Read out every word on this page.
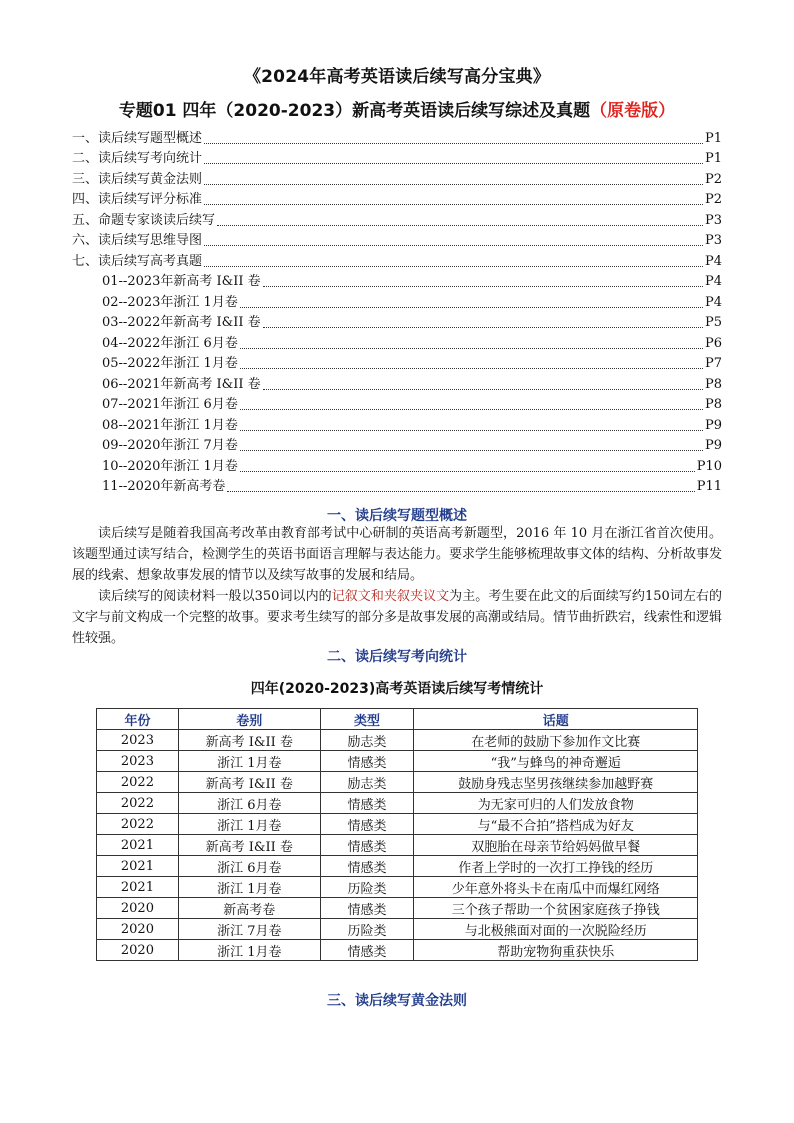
《2024年高考英语读后续写高分宝典》
专题01 四年（2020-2023）新高考英语读后续写综述及真题（原卷版）
一、读后续写题型概述	P1
二、读后续写考向统计	P1
三、读后续写黄金法则	P2
四、读后续写评分标准	P2
五、命题专家谈读后续写	P3
六、读后续写思维导图	P3
七、读后续写高考真题	P4
01--2023年新高考 I&II 卷	P4
02--2023年浙江 1月卷	P4
03--2022年新高考 I&II 卷	P5
04--2022年浙江 6月卷	P6
05--2022年浙江 1月卷	P7
06--2021年新高考 I&II 卷	P8
07--2021年浙江 6月卷	P8
08--2021年浙江 1月卷	P9
09--2020年浙江 7月卷	P9
10--2020年浙江 1月卷	P10
11--2020年新高考卷	P11
一、读后续写题型概述

读后续写是随着我国高考改革由教育部考试中心研制的英语高考新题型，2016 年 10 月在浙江省首次使用。该题型通过读写结合，检测学生的英语书面语言理解与表达能力。要求学生能够梳理故事文体的结构、分析故事发展的线索、想象故事发展的情节以及续写故事的发展和结局。

读后续写的阅读材料一般以350词以内的记叙文和夹叙夹议文为主。考生要在此文的后面续写约150词左右的文字与前文构成一个完整的故事。要求考生续写的部分多是故事发展的高潮或结局。情节曲折跌宕，线索性和逻辑性较强。

二、读后续写考向统计
四年(2020-2023)高考英语读后续写考情统计
年份	卷别	类型	话题
2023	新高考 I&II 卷	励志类	在老师的鼓励下参加作文比赛
2023	浙江 1月卷	情感类	“我”与蜂鸟的神奇邂逅
2022	新高考 I&II 卷	励志类	鼓励身残志坚男孩继续参加越野赛
2022	浙江 6月卷	情感类	为无家可归的人们发放食物
2022	浙江 1月卷	情感类	与“最不合拍”搭档成为好友
2021	新高考 I&II 卷	情感类	双胞胎在母亲节给妈妈做早餐
2021	浙江 6月卷	情感类	作者上学时的一次打工挣钱的经历
2021	浙江 1月卷	历险类	少年意外将头卡在南瓜中而爆红网络
2020	新高考卷	情感类	三个孩子帮助一个贫困家庭孩子挣钱
2020	浙江 7月卷	历险类	与北极熊面对面的一次脱险经历
2020	浙江 1月卷	情感类	帮助宠物狗重获快乐
三、读后续写黄金法则
